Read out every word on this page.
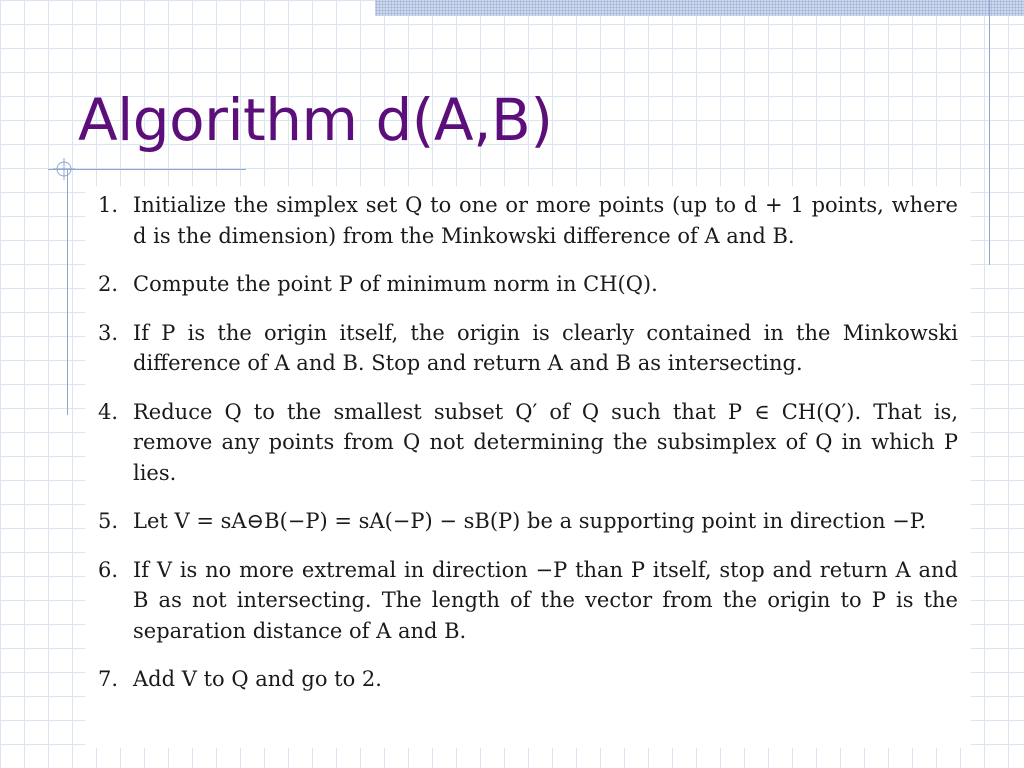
Algorithm d(A,B)
1. Initialize the simplex set Q to one or more points (up to d + 1 points, where d is the dimension) from the Minkowski difference of A and B.
2. Compute the point P of minimum norm in CH(Q).
3. If P is the origin itself, the origin is clearly contained in the Minkowski difference of A and B. Stop and return A and B as intersecting.
4. Reduce Q to the smallest subset Q′ of Q such that P ∈ CH(Q′). That is, remove any points from Q not determining the subsimplex of Q in which P lies.
5. Let V = sA⊖B(−P) = sA(−P) − sB(P) be a supporting point in direction −P.
6. If V is no more extremal in direction −P than P itself, stop and return A and B as not intersecting. The length of the vector from the origin to P is the separation distance of A and B.
7. Add V to Q and go to 2.
